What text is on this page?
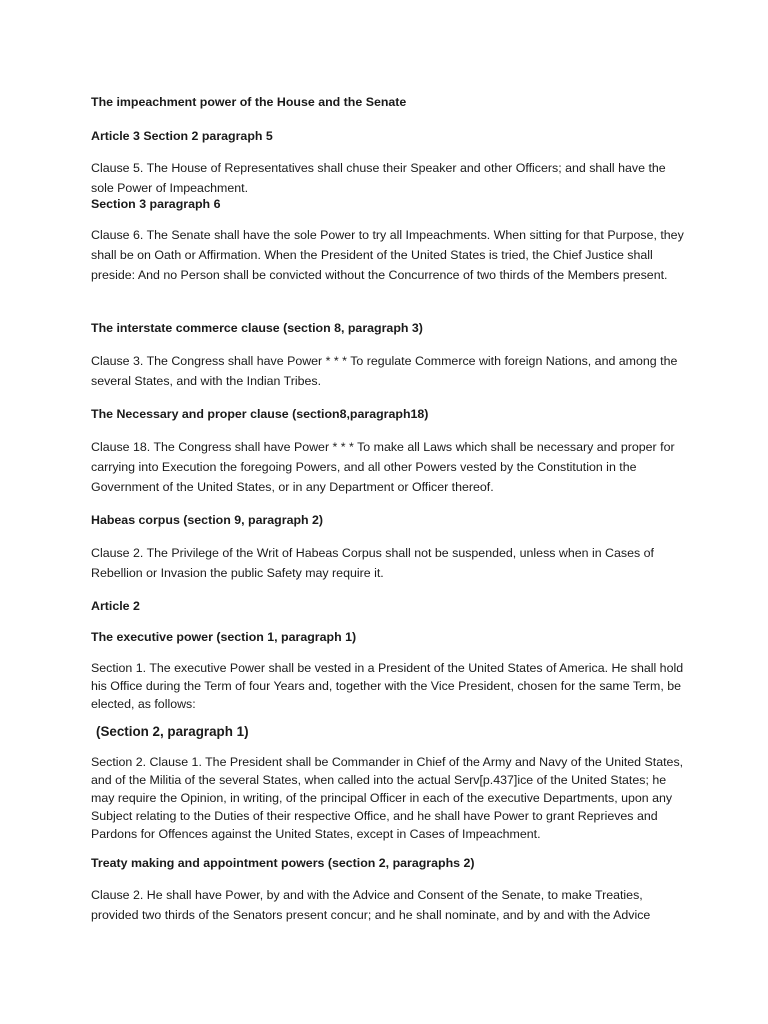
The impeachment power of the House and the Senate

Article 3 Section 2 paragraph 5

Clause 5. The House of Representatives shall chuse their Speaker and other Officers; and shall have the sole Power of Impeachment.

Section 3 paragraph 6

Clause 6. The Senate shall have the sole Power to try all Impeachments. When sitting for that Purpose, they shall be on Oath or Affirmation. When the President of the United States is tried, the Chief Justice shall preside: And no Person shall be convicted without the Concurrence of two thirds of the Members present.

The interstate commerce clause (section 8, paragraph 3)

Clause 3. The Congress shall have Power * * * To regulate Commerce with foreign Nations, and among the several States, and with the Indian Tribes.

The Necessary and proper clause (section8,paragraph18)

Clause 18. The Congress shall have Power * * * To make all Laws which shall be necessary and proper for carrying into Execution the foregoing Powers, and all other Powers vested by the Constitution in the Government of the United States, or in any Department or Officer thereof.

Habeas corpus (section 9, paragraph 2)

Clause 2. The Privilege of the Writ of Habeas Corpus shall not be suspended, unless when in Cases of Rebellion or Invasion the public Safety may require it.

Article 2

The executive power (section 1, paragraph 1)

Section 1. The executive Power shall be vested in a President of the United States of America. He shall hold his Office during the Term of four Years and, together with the Vice President, chosen for the same Term, be elected, as follows:

(Section 2, paragraph 1)

Section 2. Clause 1. The President shall be Commander in Chief of the Army and Navy of the United States, and of the Militia of the several States, when called into the actual Serv[p.437]ice of the United States; he may require the Opinion, in writing, of the principal Officer in each of the executive Departments, upon any Subject relating to the Duties of their respective Office, and he shall have Power to grant Reprieves and Pardons for Offences against the United States, except in Cases of Impeachment.

Treaty making and appointment powers (section 2, paragraphs 2)

Clause 2. He shall have Power, by and with the Advice and Consent of the Senate, to make Treaties, provided two thirds of the Senators present concur; and he shall nominate, and by and with the Advice
